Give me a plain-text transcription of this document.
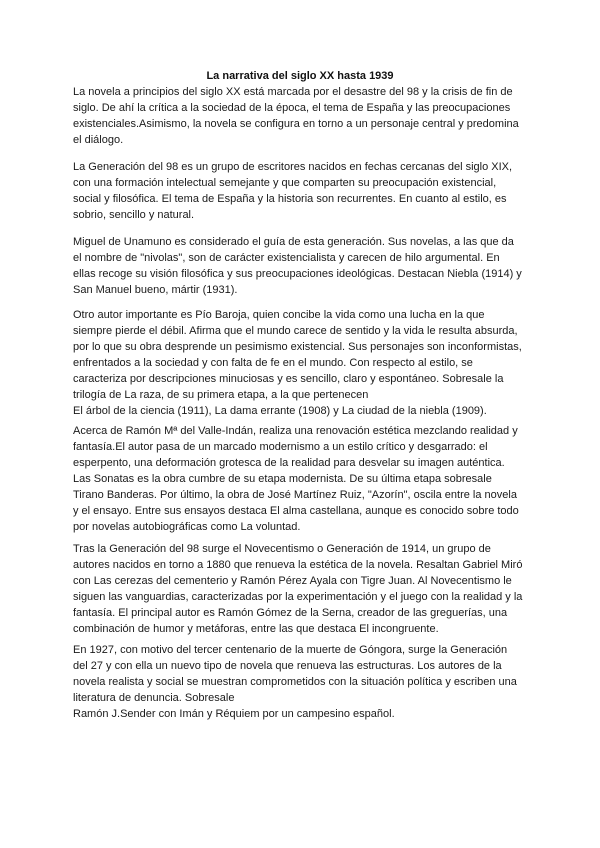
La narrativa del siglo XX hasta 1939

La novela a principios del siglo XX está marcada por el desastre del 98 y la crisis de fin de
siglo. De ahí la crítica a la sociedad de la época, el tema de España y las preocupaciones
existenciales.Asimismo, la novela se configura en torno a un personaje central y predomina
el diálogo.

La Generación del 98 es un grupo de escritores nacidos en fechas cercanas del siglo XIX,
con una formación intelectual semejante y que comparten su preocupación existencial,
social y filosófica. El tema de España y la historia son recurrentes. En cuanto al estilo, es
sobrio, sencillo y natural.

Miguel de Unamuno es considerado el guía de esta generación. Sus novelas, a las que da
el nombre de "nivolas", son de carácter existencialista y carecen de hilo argumental. En
ellas recoge su visión filosófica y sus preocupaciones ideológicas. Destacan Niebla (1914) y
San Manuel bueno, mártir (1931).

Otro autor importante es Pío Baroja, quien concibe la vida como una lucha en la que
siempre pierde el débil. Afirma que el mundo carece de sentido y la vida le resulta absurda,
por lo que su obra desprende un pesimismo existencial. Sus personajes son inconformistas,
enfrentados a la sociedad y con falta de fe en el mundo. Con respecto al estilo, se
caracteriza por descripciones minuciosas y es sencillo, claro y espontáneo. Sobresale la
trilogía de La raza, de su primera etapa, a la que pertenecen
El árbol de la ciencia (1911), La dama errante (1908) y La ciudad de la niebla (1909).

Acerca de Ramón Mª del Valle-Indán, realiza una renovación estética mezclando realidad y
fantasía.El autor pasa de un marcado modernismo a un estilo crítico y desgarrado: el
esperpento, una deformación grotesca de la realidad para desvelar su imagen auténtica.
Las Sonatas es la obra cumbre de su etapa modernista. De su última etapa sobresale
Tirano Banderas. Por último, la obra de José Martínez Ruiz, "Azorín", oscila entre la novela
y el ensayo. Entre sus ensayos destaca El alma castellana, aunque es conocido sobre todo
por novelas autobiográficas como La voluntad.

Tras la Generación del 98 surge el Novecentismo o Generación de 1914, un grupo de
autores nacidos en torno a 1880 que renueva la estética de la novela. Resaltan Gabriel Miró
con Las cerezas del cementerio y Ramón Pérez Ayala con Tigre Juan. Al Novecentismo le
siguen las vanguardias, caracterizadas por la experimentación y el juego con la realidad y la
fantasía. El principal autor es Ramón Gómez de la Serna, creador de las greguerías, una
combinación de humor y metáforas, entre las que destaca El incongruente.

En 1927, con motivo del tercer centenario de la muerte de Góngora, surge la Generación
del 27 y con ella un nuevo tipo de novela que renueva las estructuras. Los autores de la
novela realista y social se muestran comprometidos con la situación política y escriben una
literatura de denuncia. Sobresale
Ramón J.Sender con Imán y Réquiem por un campesino español.
